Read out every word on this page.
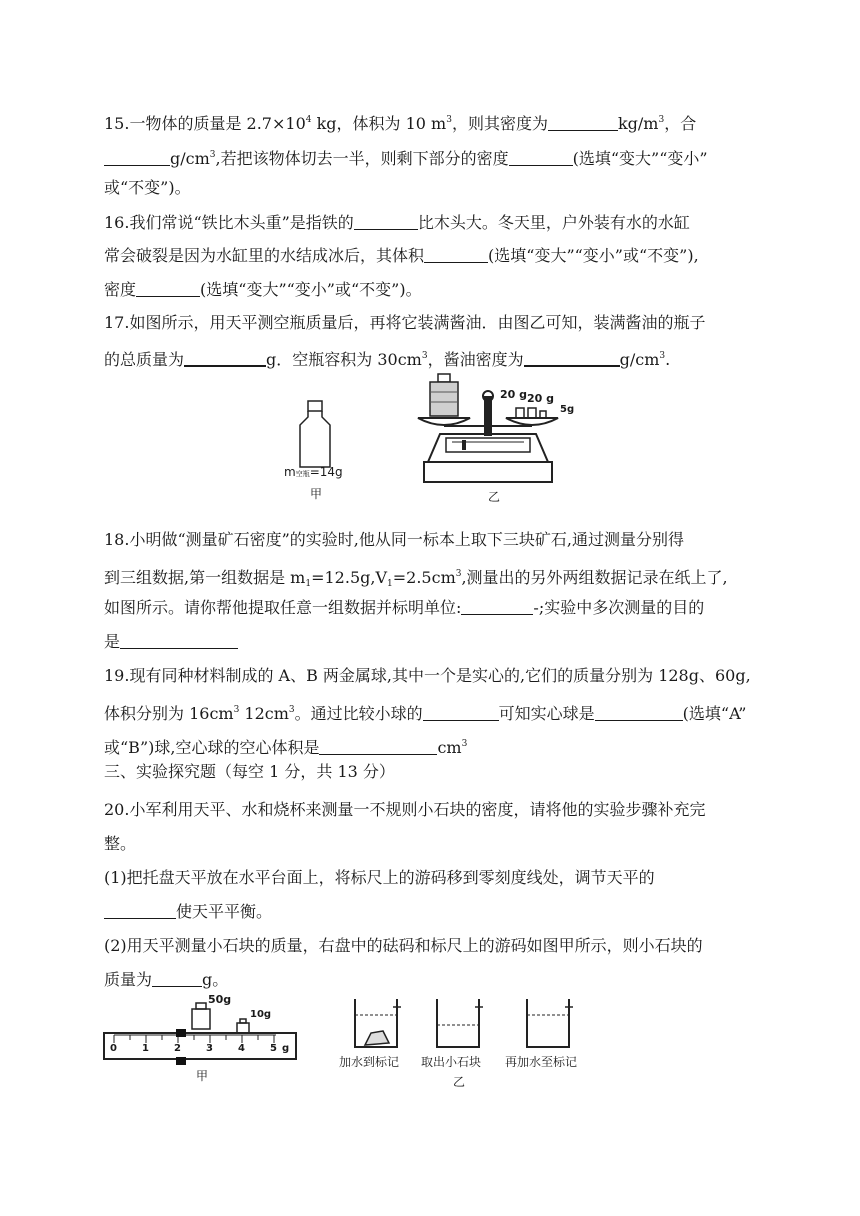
15.一物体的质量是 $2.7\times 10^4$ kg，体积为 10 $m^3$，则其密度为	$kg/m^3$，合
$g/cm^3$,若把该物体切去一半，则剩下部分的密度	(选填“变大”“变小”
或“不变”)。
16.我们常说“铁比木头重”是指铁的	比木头大。冬天里，户外装有水的水缸
常会破裂是因为水缸里的水结成冰后，其体积	(选填“变大”“变小”或“不变”),
密度	(选填“变大”“变小”或“不变”)。
17.如图所示，用天平测空瓶质量后，再将它装满酱油．由图乙可知，装满酱油的瓶子
的总质量为	g．空瓶容积为 $30cm^3$，酱油密度为	$g/cm^3$.
m空瓶=14g
甲
20 g 20 g
5g
乙
18.小明做“测量矿石密度”的实验时,他从同一标本上取下三块矿石,通过测量分别得
到三组数据,第一组数据是 $m_1=12.5g,V_1=2.5cm^3$,测量出的另外两组数据记录在纸上了,
如图所示。请你帮他提取任意一组数据并标明单位:	-;实验中多次测量的目的
是
19.现有同种材料制成的 A、B 两金属球,其中一个是实心的,它们的质量分别为 128g、60g,
体积分别为 $16cm^3$ $12cm^3$。通过比较小球的	可知实心球是	(选填“A”
或“B”)球,空心球的空心体积是	$cm^3$
三、实验探究题（每空 1 分，共 13 分）
20.小军利用天平、水和烧杯来测量一不规则小石块的密度，请将他的实验步骤补充完
整。
(1)把托盘天平放在水平台面上，将标尺上的游码移到零刻度线处，调节天平的
使天平平衡。
(2)用天平测量小石块的质量，右盘中的砝码和标尺上的游码如图甲所示，则小石块的
质量为	g。
50g
10g
0	1	2	3	4	5 g
甲
加水到标记 取出小石块 再加水至标记
乙
